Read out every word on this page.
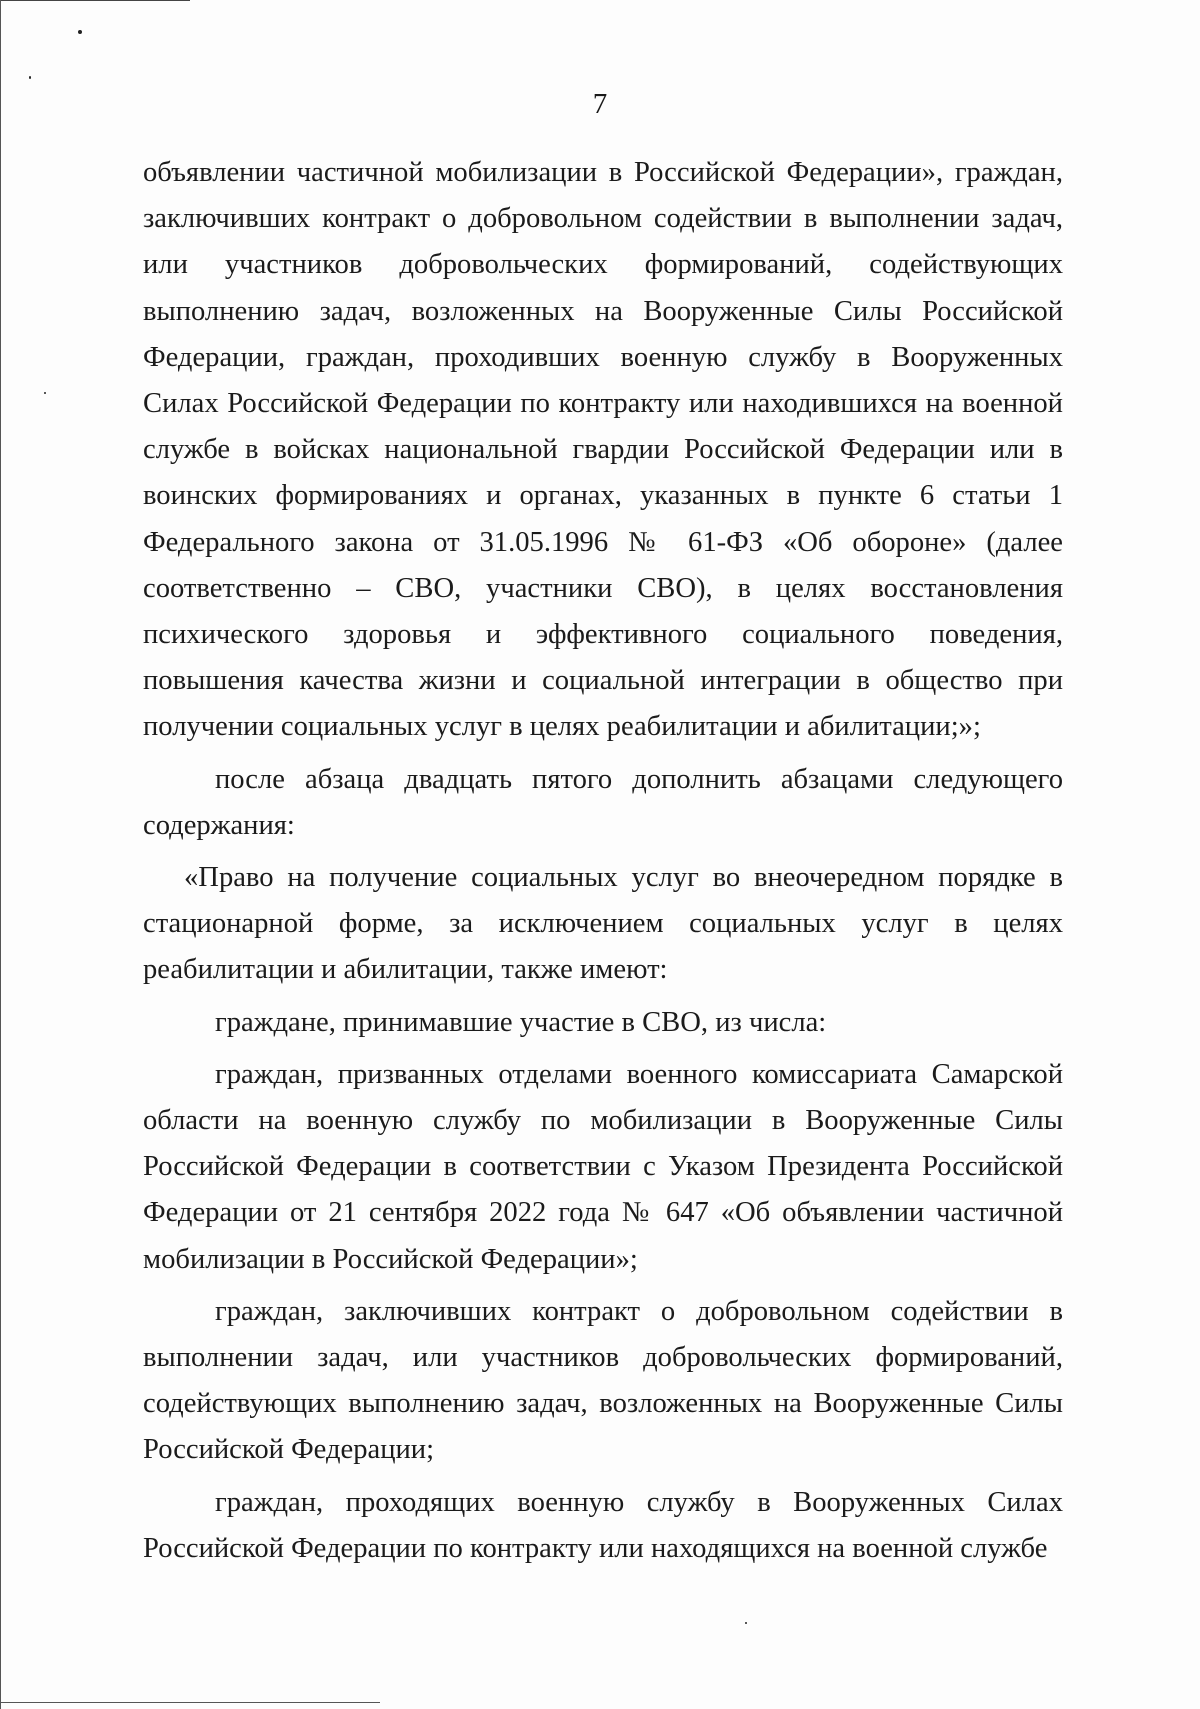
7

объявлении частичной мобилизации в Российской Федерации», граждан, заключивших контракт о добровольном содействии в выполнении задач, или участников добровольческих формирований, содействующих выполнению задач, возложенных на Вооруженные Силы Российской Федерации, граждан, проходивших военную службу в Вооруженных Силах Российской Федерации по контракту или находившихся на военной службе в войсках национальной гвардии Российской Федерации или в воинских формированиях и органах, указанных в пункте 6 статьи 1 Федерального закона от 31.05.1996 № 61-ФЗ «Об обороне» (далее соответственно – СВО, участники СВО), в целях восстановления психического здоровья и эффективного социального поведения, повышения качества жизни и социальной интеграции в общество при получении социальных услуг в целях реабилитации и абилитации;»;

после абзаца двадцать пятого дополнить абзацами следующего содержания:

«Право на получение социальных услуг во внеочередном порядке в стационарной форме, за исключением социальных услуг в целях реабилитации и абилитации, также имеют:

граждане, принимавшие участие в СВО, из числа:

граждан, призванных отделами военного комиссариата Самарской области на военную службу по мобилизации в Вооруженные Силы Российской Федерации в соответствии с Указом Президента Российской Федерации от 21 сентября 2022 года № 647 «Об объявлении частичной мобилизации в Российской Федерации»;

граждан, заключивших контракт о добровольном содействии в выполнении задач, или участников добровольческих формирований, содействующих выполнению задач, возложенных на Вооруженные Силы Российской Федерации;

граждан, проходящих военную службу в Вооруженных Силах Российской Федерации по контракту или находящихся на военной службе
